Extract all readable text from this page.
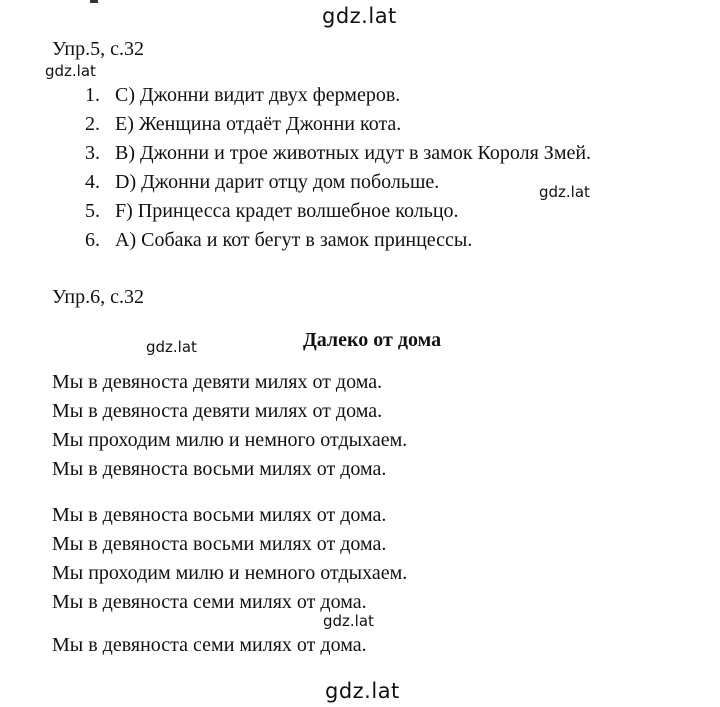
gdz.lat
gdz.lat
gdz.lat
gdz.lat
gdz.lat
gdz.lat
Упр.5, с.32
1. C) Джонни видит двух фермеров.
2. E) Женщина отдаёт Джонни кота.
3. B) Джонни и трое животных идут в замок Короля Змей.
4. D) Джонни дарит отцу дом побольше.
5. F) Принцесса крадет волшебное кольцо.
6. A) Собака и кот бегут в замок принцессы.
Упр.6, с.32
Далеко от дома
Мы в девяноста девяти милях от дома.
Мы в девяноста девяти милях от дома.
Мы проходим милю и немного отдыхаем.
Мы в девяноста восьми милях от дома.
Мы в девяноста восьми милях от дома.
Мы в девяноста восьми милях от дома.
Мы проходим милю и немного отдыхаем.
Мы в девяноста семи милях от дома.
Мы в девяноста семи милях от дома.
